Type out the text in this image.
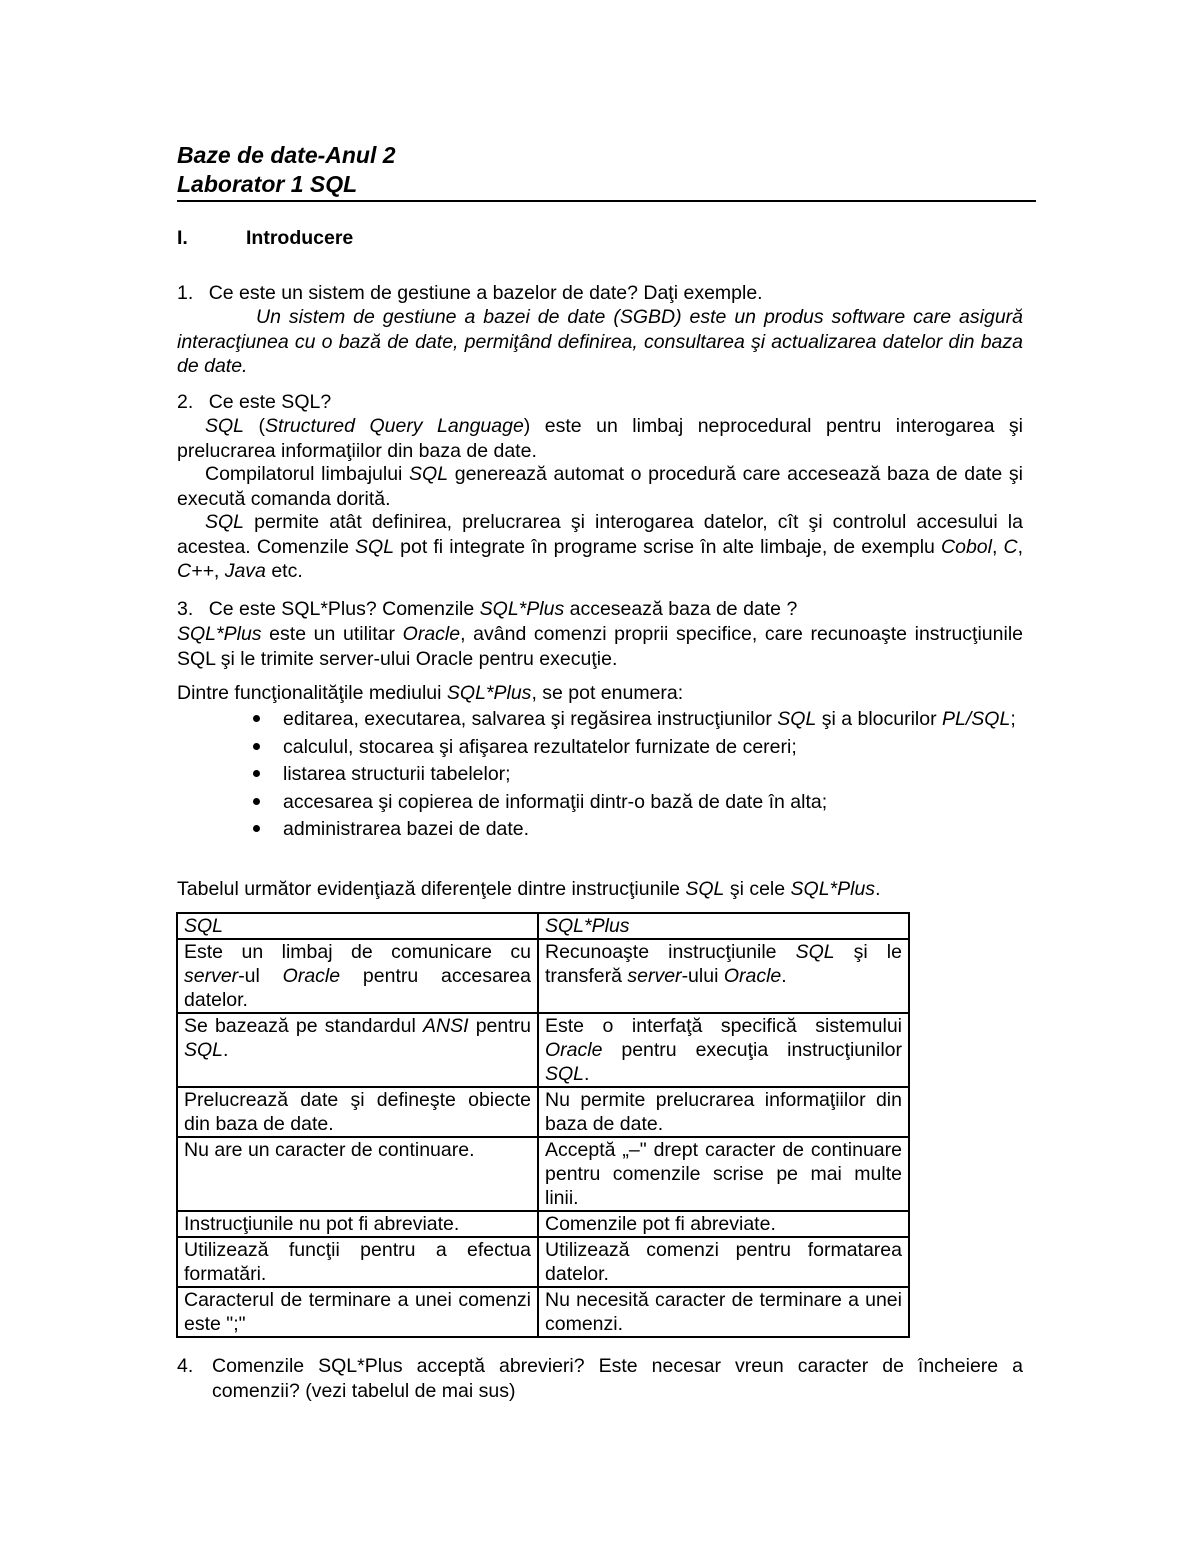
Baze de date-Anul 2
Laborator 1 SQL
I.	Introducere
1. Ce este un sistem de gestiune a bazelor de date? Daţi exemple.
Un sistem de gestiune a bazei de date (SGBD) este un produs software care asigură interacţiunea cu o bază de date, permiţând definirea, consultarea şi actualizarea datelor din baza de date.
2. Ce este SQL?
SQL (Structured Query Language) este un limbaj neprocedural pentru interogarea şi prelucrarea informaţiilor din baza de date.
Compilatorul limbajului SQL generează automat o procedură care accesează baza de date şi execută comanda dorită.
SQL permite atât definirea, prelucrarea şi interogarea datelor, cît şi controlul accesului la acestea. Comenzile SQL pot fi integrate în programe scrise în alte limbaje, de exemplu Cobol, C, C++, Java etc.
3. Ce este SQL*Plus? Comenzile SQL*Plus accesează baza de date ?
SQL*Plus este un utilitar Oracle, având comenzi proprii specifice, care recunoaşte instrucţiunile SQL şi le trimite server-ului Oracle pentru execuţie.
Dintre funcţionalităţile mediului SQL*Plus, se pot enumera:
editarea, executarea, salvarea şi regăsirea instrucţiunilor SQL şi a blocurilor PL/SQL;
calculul, stocarea şi afişarea rezultatelor furnizate de cereri;
listarea structurii tabelelor;
accesarea şi copierea de informaţii dintr-o bază de date în alta;
administrarea bazei de date.
Tabelul următor evidenţiază diferenţele dintre instrucţiunile SQL şi cele SQL*Plus.
SQL	SQL*Plus
Este un limbaj de comunicare cu server-ul Oracle pentru accesarea datelor.	Recunoaşte instrucţiunile SQL şi le transferă server-ului Oracle.
Se bazează pe standardul ANSI pentru SQL.	Este o interfaţă specifică sistemului Oracle pentru execuţia instrucţiunilor SQL.
Prelucrează date şi defineşte obiecte din baza de date.	Nu permite prelucrarea informaţiilor din baza de date.
Nu are un caracter de continuare.	Acceptă „–" drept caracter de continuare pentru comenzile scrise pe mai multe linii.
Instrucţiunile nu pot fi abreviate.	Comenzile pot fi abreviate.
Utilizează funcţii pentru a efectua formatări.	Utilizează comenzi pentru formatarea datelor.
Caracterul de terminare a unei comenzi este ";"	Nu necesită caracter de terminare a unei comenzi.
4. Comenzile SQL*Plus acceptă abrevieri? Este necesar vreun caracter de încheiere a comenzii? (vezi tabelul de mai sus)
